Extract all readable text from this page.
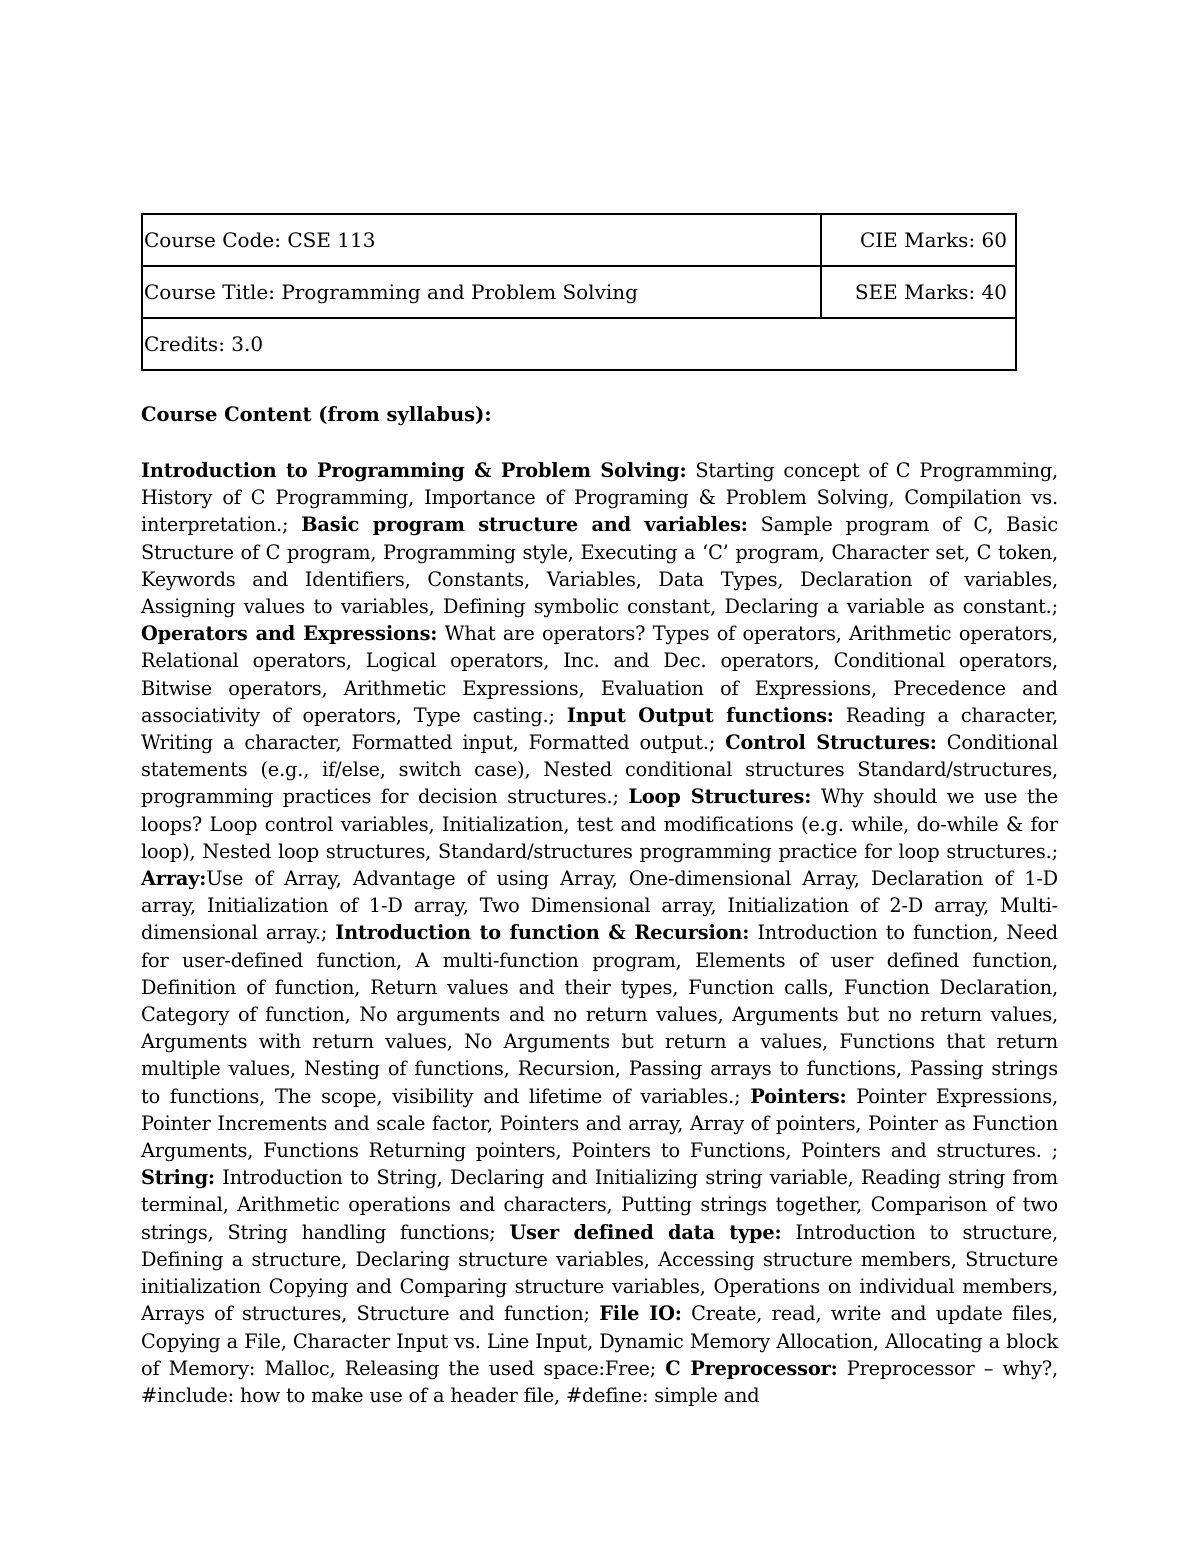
Course Code: CSE 113	CIE Marks: 60
Course Title: Programming and Problem Solving	SEE Marks: 40
Credits: 3.0	

Course Content (from syllabus):

Introduction to Programming & Problem Solving: Starting concept of C Programming, History of C Programming, Importance of Programing & Problem Solving, Compilation vs. interpretation.; Basic program structure and variables: Sample program of C, Basic Structure of C program, Programming style, Executing a ‘C’ program, Character set, C token, Keywords and Identifiers, Constants, Variables, Data Types, Declaration of variables, Assigning values to variables, Defining symbolic constant, Declaring a variable as constant.; Operators and Expressions: What are operators? Types of operators, Arithmetic operators, Relational operators, Logical operators, Inc. and Dec. operators, Conditional operators, Bitwise operators, Arithmetic Expressions, Evaluation of Expressions, Precedence and associativity of operators, Type casting.; Input Output functions: Reading a character, Writing a character, Formatted input, Formatted output.; Control Structures: Conditional statements (e.g., if/else, switch case), Nested conditional structures Standard/structures, programming practices for decision structures.; Loop Structures: Why should we use the loops? Loop control variables, Initialization, test and modifications (e.g. while, do-while & for loop), Nested loop structures, Standard/structures programming practice for loop structures.; Array:Use of Array, Advantage of using Array, One-dimensional Array, Declaration of 1-D array, Initialization of 1-D array, Two Dimensional array, Initialization of 2-D array, Multi- dimensional array.; Introduction to function & Recursion: Introduction to function, Need for user-defined function, A multi-function program, Elements of user defined function, Definition of function, Return values and their types, Function calls, Function Declaration, Category of function, No arguments and no return values, Arguments but no return values, Arguments with return values, No Arguments but return a values, Functions that return multiple values, Nesting of functions, Recursion, Passing arrays to functions, Passing strings to functions, The scope, visibility and lifetime of variables.; Pointers: Pointer Expressions, Pointer Increments and scale factor, Pointers and array, Array of pointers, Pointer as Function Arguments, Functions Returning pointers, Pointers to Functions, Pointers and structures. ; String: Introduction to String, Declaring and Initializing string variable, Reading string from terminal, Arithmetic operations and characters, Putting strings together, Comparison of two strings, String handling functions; User defined data type: Introduction to structure, Defining a structure, Declaring structure variables, Accessing structure members, Structure initialization Copying and Comparing structure variables, Operations on individual members, Arrays of structures, Structure and function; File IO: Create, read, write and update files, Copying a File, Character Input vs. Line Input, Dynamic Memory Allocation, Allocating a block of Memory: Malloc, Releasing the used space:Free; C Preprocessor: Preprocessor – why?, #include: how to make use of a header file, #define: simple and
